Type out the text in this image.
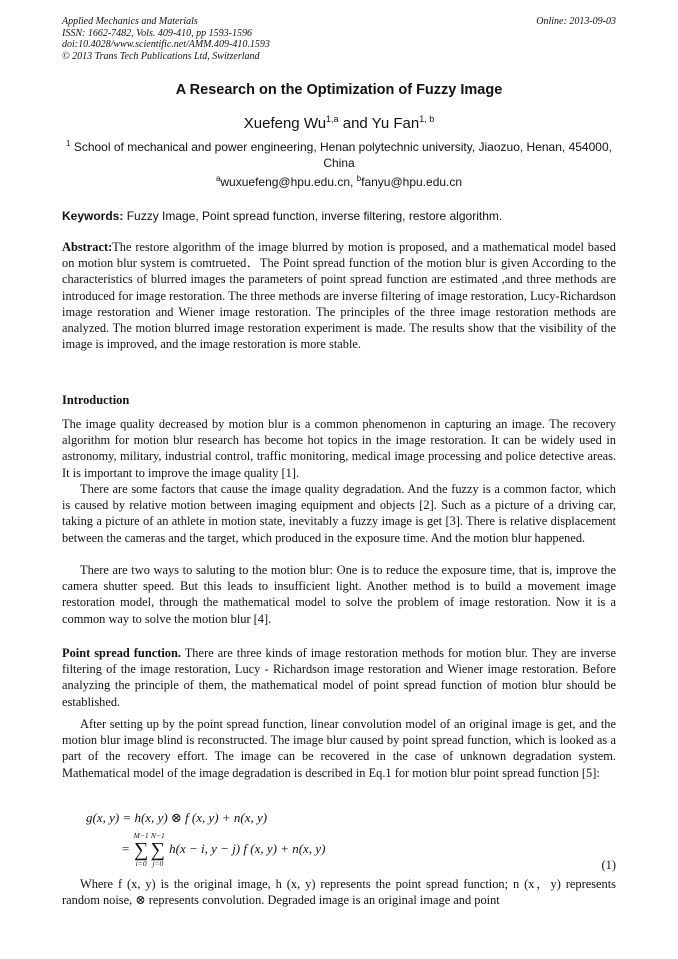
Applied Mechanics and Materials
ISSN: 1662-7482, Vols. 409-410, pp 1593-1596
doi:10.4028/www.scientific.net/AMM.409-410.1593
© 2013 Trans Tech Publications Ltd, Switzerland
Online: 2013-09-03
A Research on the Optimization of Fuzzy Image
Xuefeng Wu$^{1,a}$ and Yu Fan$^{1, b}$
$^1$ School of mechanical and power engineering, Henan polytechnic university, Jiaozuo, Henan, 454000, China
$^a$wuxuefeng@hpu.edu.cn, $^b$fanyu@hpu.edu.cn
Keywords: Fuzzy Image, Point spread function, inverse filtering, restore algorithm.
Abstract:The restore algorithm of the image blurred by motion is proposed, and a mathematical model based on motion blur system is comtrueted．The Point spread function of the motion blur is given According to the characteristics of blurred images the parameters of point spread function are estimated ,and three methods are introduced for image restoration. The three methods are inverse filtering of image restoration, Lucy-Richardson image restoration and Wiener image restoration. The principles of the three image restoration methods are analyzed. The motion blurred image restoration experiment is made. The results show that the visibility of the image is improved, and the image restoration is more stable.
Introduction
The image quality decreased by motion blur is a common phenomenon in capturing an image. The recovery algorithm for motion blur research has become hot topics in the image restoration. It can be widely used in astronomy, military, industrial control, traffic monitoring, medical image processing and police detective areas. It is important to improve the image quality [1].
There are some factors that cause the image quality degradation. And the fuzzy is a common factor, which is caused by relative motion between imaging equipment and objects [2]. Such as a picture of a driving car, taking a picture of an athlete in motion state, inevitably a fuzzy image is get [3]. There is relative displacement between the cameras and the target, which produced in the exposure time. And the motion blur happened.
There are two ways to saluting to the motion blur: One is to reduce the exposure time, that is, improve the camera shutter speed. But this leads to insufficient light. Another method is to build a movement image restoration model, through the mathematical model to solve the problem of image restoration. Now it is a common way to solve the motion blur [4].
Point spread function. There are three kinds of image restoration methods for motion blur. They are inverse filtering of the image restoration, Lucy - Richardson image restoration and Wiener image restoration. Before analyzing the principle of them, the mathematical model of point spread function of motion blur should be established.
After setting up by the point spread function, linear convolution model of an original image is get, and the motion blur image blind is reconstructed. The image blur caused by point spread function, which is looked as a part of the recovery effort. The image can be recovered in the case of unknown degradation system. Mathematical model of the image degradation is described in Eq.1 for motion blur point spread function [5]:
g(x, y) = h(x, y) ⊗ f (x, y) + n(x, y)
=
M−1
∑
i=0
N−1
∑
j=0
h(x − i, y − j) f (x, y) + n(x, y)
(1)
Where f (x, y) is the original image, h (x, y) represents the point spread function; n (x，y) represents random noise, ⊗ represents convolution. Degraded image is an original image and point
